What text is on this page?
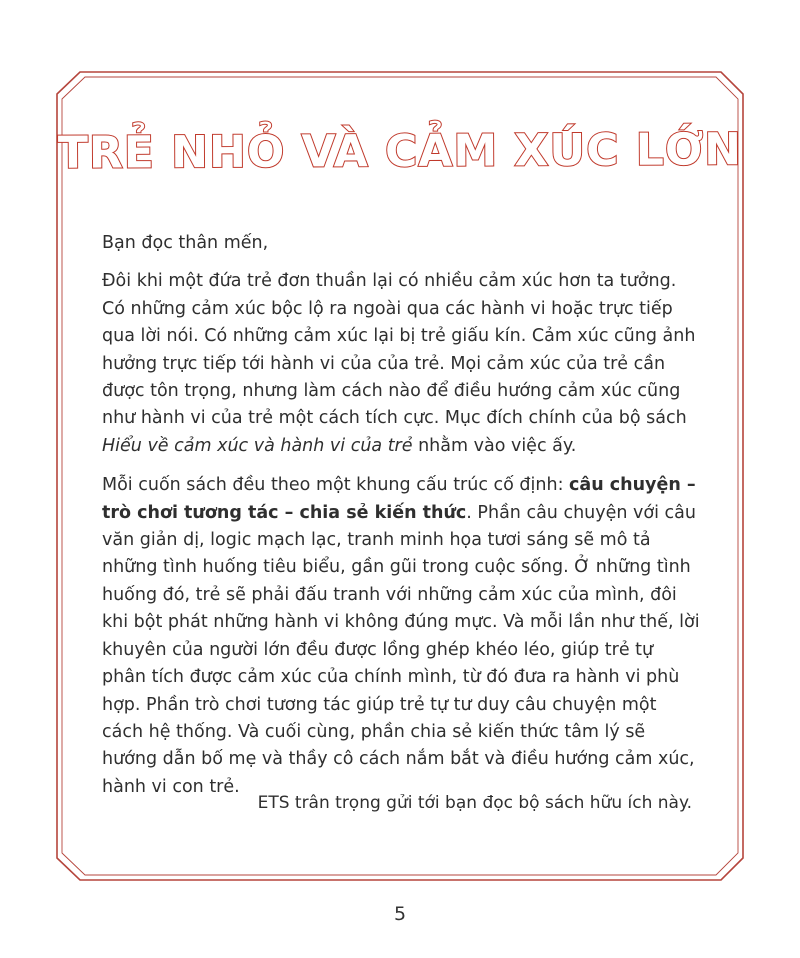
TRẺ NHỎ VÀ CẢM XÚC LỚN

Bạn đọc thân mến,

Đôi khi một đứa trẻ đơn thuần lại có nhiều cảm xúc hơn ta tưởng. Có những cảm xúc bộc lộ ra ngoài qua các hành vi hoặc trực tiếp qua lời nói. Có những cảm xúc lại bị trẻ giấu kín. Cảm xúc cũng ảnh hưởng trực tiếp tới hành vi của của trẻ. Mọi cảm xúc của trẻ cần được tôn trọng, nhưng làm cách nào để điều hướng cảm xúc cũng như hành vi của trẻ một cách tích cực. Mục đích chính của bộ sách Hiểu về cảm xúc và hành vi của trẻ nhằm vào việc ấy.

Mỗi cuốn sách đều theo một khung cấu trúc cố định: câu chuyện – trò chơi tương tác – chia sẻ kiến thức. Phần câu chuyện với câu văn giản dị, logic mạch lạc, tranh minh họa tươi sáng sẽ mô tả những tình huống tiêu biểu, gần gũi trong cuộc sống. Ở những tình huống đó, trẻ sẽ phải đấu tranh với những cảm xúc của mình, đôi khi bột phát những hành vi không đúng mực. Và mỗi lần như thế, lời khuyên của người lớn đều được lồng ghép khéo léo, giúp trẻ tự phân tích được cảm xúc của chính mình, từ đó đưa ra hành vi phù hợp. Phần trò chơi tương tác giúp trẻ tự tư duy câu chuyện một cách hệ thống. Và cuối cùng, phần chia sẻ kiến thức tâm lý sẽ hướng dẫn bố mẹ và thầy cô cách nắm bắt và điều hướng cảm xúc, hành vi con trẻ.

ETS trân trọng gửi tới bạn đọc bộ sách hữu ích này.
5
